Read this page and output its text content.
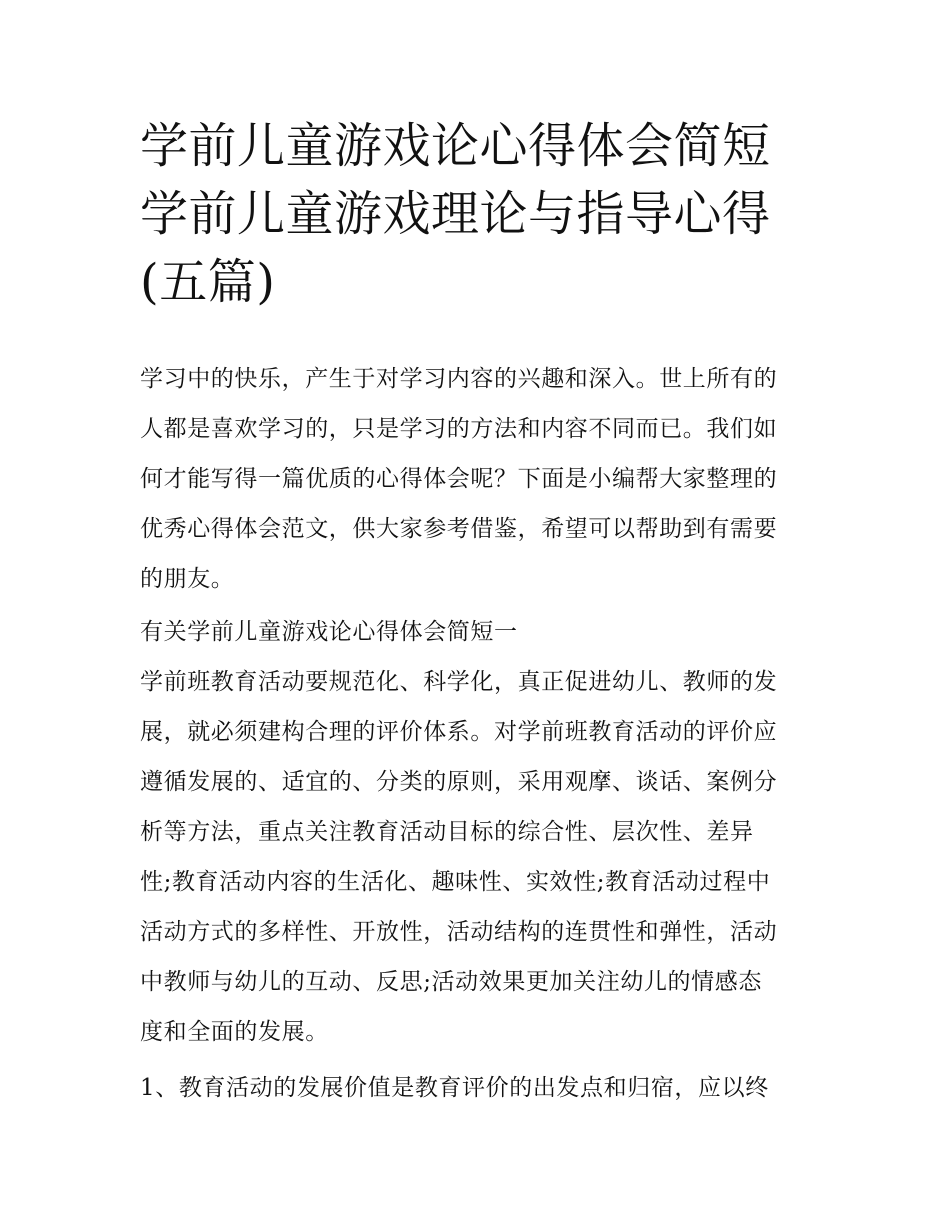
学前儿童游戏论心得体会简短
学前儿童游戏理论与指导心得
(五篇)
学习中的快乐，产生于对学习内容的兴趣和深入。世上所有的
人都是喜欢学习的，只是学习的方法和内容不同而已。我们如
何才能写得一篇优质的心得体会呢？下面是小编帮大家整理的
优秀心得体会范文，供大家参考借鉴，希望可以帮助到有需要
的朋友。
有关学前儿童游戏论心得体会简短一
学前班教育活动要规范化、科学化，真正促进幼儿、教师的发
展，就必须建构合理的评价体系。对学前班教育活动的评价应
遵循发展的、适宜的、分类的原则，采用观摩、谈话、案例分
析等方法，重点关注教育活动目标的综合性、层次性、差异
性;教育活动内容的生活化、趣味性、实效性;教育活动过程中
活动方式的多样性、开放性，活动结构的连贯性和弹性，活动
中教师与幼儿的互动、反思;活动效果更加关注幼儿的情感态
度和全面的发展。
1、教育活动的发展价值是教育评价的出发点和归宿，应以终
